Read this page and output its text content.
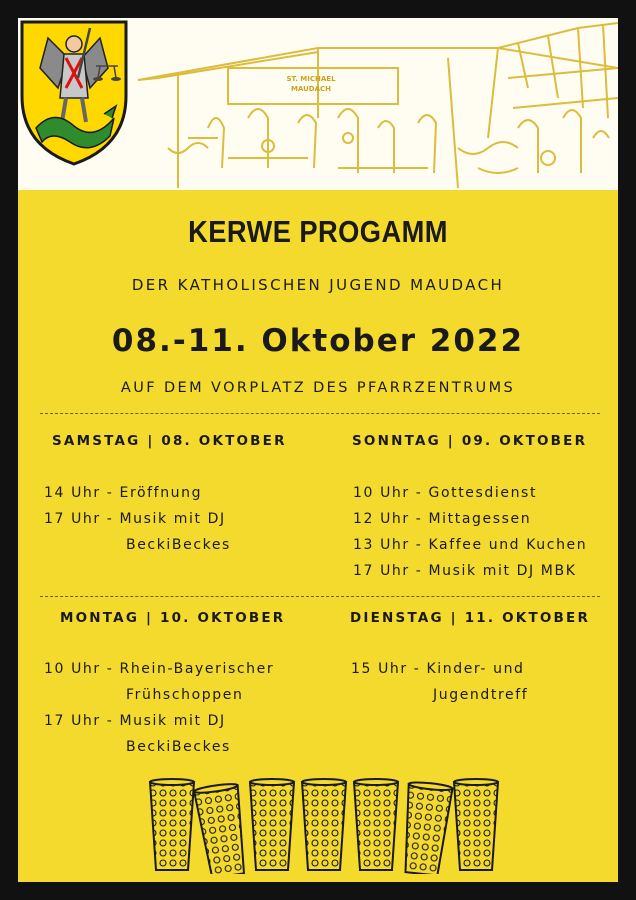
ST. MICHAEL
MAUDACH
KERWE PROGAMM
DER KATHOLISCHEN JUGEND MAUDACH
08.-11. Oktober 2022
AUF DEM VORPLATZ DES PFARRZENTRUMS
SAMSTAG | 08. OKTOBER
14 Uhr - Eröffnung
17 Uhr - Musik mit DJ
BeckiBeckes
SONNTAG | 09. OKTOBER
10 Uhr - Gottesdienst
12 Uhr - Mittagessen
13 Uhr - Kaffee und Kuchen
17 Uhr - Musik mit DJ MBK
MONTAG | 10. OKTOBER
10 Uhr - Rhein-Bayerischer
Frühschoppen
17 Uhr - Musik mit DJ
BeckiBeckes
DIENSTAG | 11. OKTOBER
15 Uhr - Kinder- und
Jugendtreff
